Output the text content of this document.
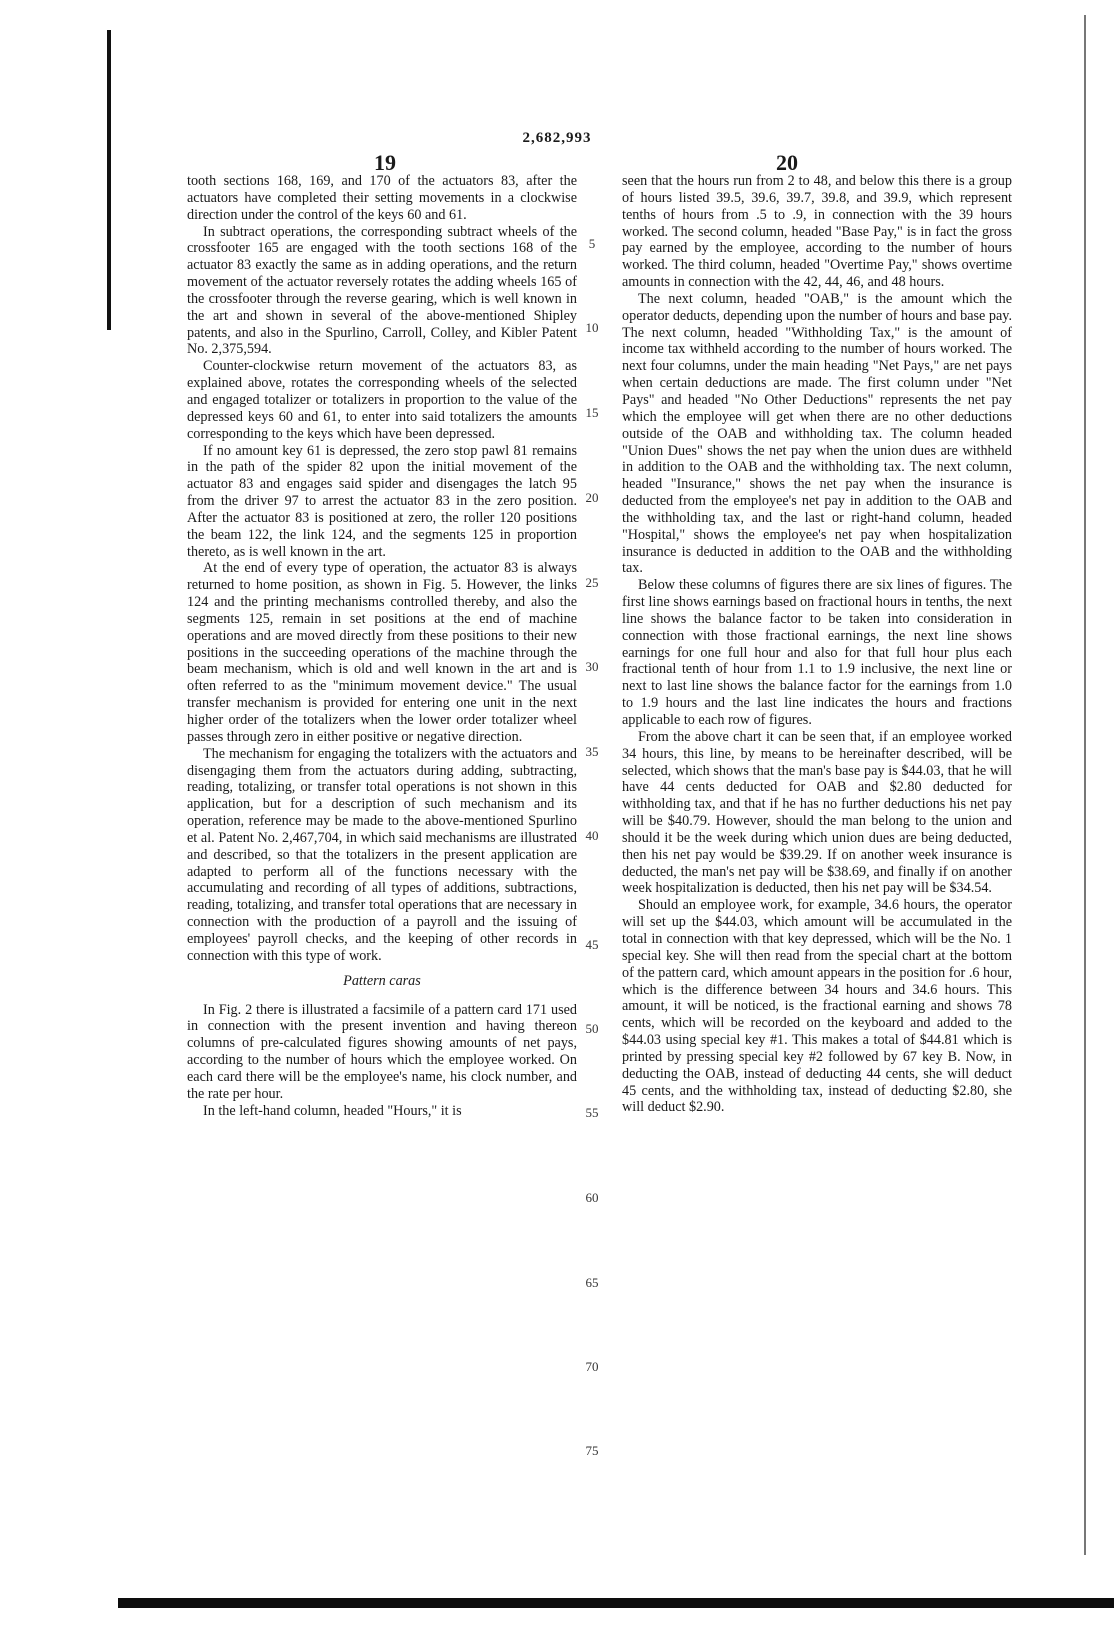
2,682,993
19	20

tooth sections 168, 169, and 170 of the actuators 83, after the actuators have completed their setting movements in a clockwise direction under the control of the keys 60 and 61.

In subtract operations, the corresponding subtract wheels of the crossfooter 165 are engaged with the tooth sections 168 of the actuator 83 exactly the same as in adding operations, and the return movement of the actuator reversely rotates the adding wheels 165 of the crossfooter through the reverse gearing, which is well known in the art and shown in several of the above-mentioned Shipley patents, and also in the Spurlino, Carroll, Colley, and Kibler Patent No. 2,375,594.

Counter-clockwise return movement of the actuators 83, as explained above, rotates the corresponding wheels of the selected and engaged totalizer or totalizers in proportion to the value of the depressed keys 60 and 61, to enter into said totalizers the amounts corresponding to the keys which have been depressed.

If no amount key 61 is depressed, the zero stop pawl 81 remains in the path of the spider 82 upon the initial movement of the actuator 83 and engages said spider and disengages the latch 95 from the driver 97 to arrest the actuator 83 in the zero position. After the actuator 83 is positioned at zero, the roller 120 positions the beam 122, the link 124, and the segments 125 in proportion thereto, as is well known in the art.

At the end of every type of operation, the actuator 83 is always returned to home position, as shown in Fig. 5. However, the links 124 and the printing mechanisms controlled thereby, and also the segments 125, remain in set positions at the end of machine operations and are moved directly from these positions to their new positions in the succeeding operations of the machine through the beam mechanism, which is old and well known in the art and is often referred to as the "minimum movement device." The usual transfer mechanism is provided for entering one unit in the next higher order of the totalizers when the lower order totalizer wheel passes through zero in either positive or negative direction.

The mechanism for engaging the totalizers with the actuators and disengaging them from the actuators during adding, subtracting, reading, totalizing, or transfer total operations is not shown in this application, but for a description of such mechanism and its operation, reference may be made to the above-mentioned Spurlino et al. Patent No. 2,467,704, in which said mechanisms are illustrated and described, so that the totalizers in the present application are adapted to perform all of the functions necessary with the accumulating and recording of all types of additions, subtractions, reading, totalizing, and transfer total operations that are necessary in connection with the production of a payroll and the issuing of employees' payroll checks, and the keeping of other records in connection with this type of work.

Pattern caras

In Fig. 2 there is illustrated a facsimile of a pattern card 171 used in connection with the present invention and having thereon columns of pre-calculated figures showing amounts of net pays, according to the number of hours which the employee worked. On each card there will be the employee's name, his clock number, and the rate per hour.

In the left-hand column, headed "Hours," it is

5
10
15
20
25
30
35
40
45
50
55
60
65
70
75

seen that the hours run from 2 to 48, and below this there is a group of hours listed 39.5, 39.6, 39.7, 39.8, and 39.9, which represent tenths of hours from .5 to .9, in connection with the 39 hours worked. The second column, headed "Base Pay," is in fact the gross pay earned by the employee, according to the number of hours worked. The third column, headed "Overtime Pay," shows overtime amounts in connection with the 42, 44, 46, and 48 hours.

The next column, headed "OAB," is the amount which the operator deducts, depending upon the number of hours and base pay. The next column, headed "Withholding Tax," is the amount of income tax withheld according to the number of hours worked. The next four columns, under the main heading "Net Pays," are net pays when certain deductions are made. The first column under "Net Pays" and headed "No Other Deductions" represents the net pay which the employee will get when there are no other deductions outside of the OAB and withholding tax. The column headed "Union Dues" shows the net pay when the union dues are withheld in addition to the OAB and the withholding tax. The next column, headed "Insurance," shows the net pay when the insurance is deducted from the employee's net pay in addition to the OAB and the withholding tax, and the last or right-hand column, headed "Hospital," shows the employee's net pay when hospitalization insurance is deducted in addition to the OAB and the withholding tax.

Below these columns of figures there are six lines of figures. The first line shows earnings based on fractional hours in tenths, the next line shows the balance factor to be taken into consideration in connection with those fractional earnings, the next line shows earnings for one full hour and also for that full hour plus each fractional tenth of hour from 1.1 to 1.9 inclusive, the next line or next to last line shows the balance factor for the earnings from 1.0 to 1.9 hours and the last line indicates the hours and fractions applicable to each row of figures.

From the above chart it can be seen that, if an employee worked 34 hours, this line, by means to be hereinafter described, will be selected, which shows that the man's base pay is $44.03, that he will have 44 cents deducted for OAB and $2.80 deducted for withholding tax, and that if he has no further deductions his net pay will be $40.79. However, should the man belong to the union and should it be the week during which union dues are being deducted, then his net pay would be $39.29. If on another week insurance is deducted, the man's net pay will be $38.69, and finally if on another week hospitalization is deducted, then his net pay will be $34.54.

Should an employee work, for example, 34.6 hours, the operator will set up the $44.03, which amount will be accumulated in the total in connection with that key depressed, which will be the No. 1 special key. She will then read from the special chart at the bottom of the pattern card, which amount appears in the position for .6 hour, which is the difference between 34 hours and 34.6 hours. This amount, it will be noticed, is the fractional earning and shows 78 cents, which will be recorded on the keyboard and added to the $44.03 using special key #1. This makes a total of $44.81 which is printed by pressing special key #2 followed by 67 key B. Now, in deducting the OAB, instead of deducting 44 cents, she will deduct 45 cents, and the withholding tax, instead of deducting $2.80, she will deduct $2.90.
